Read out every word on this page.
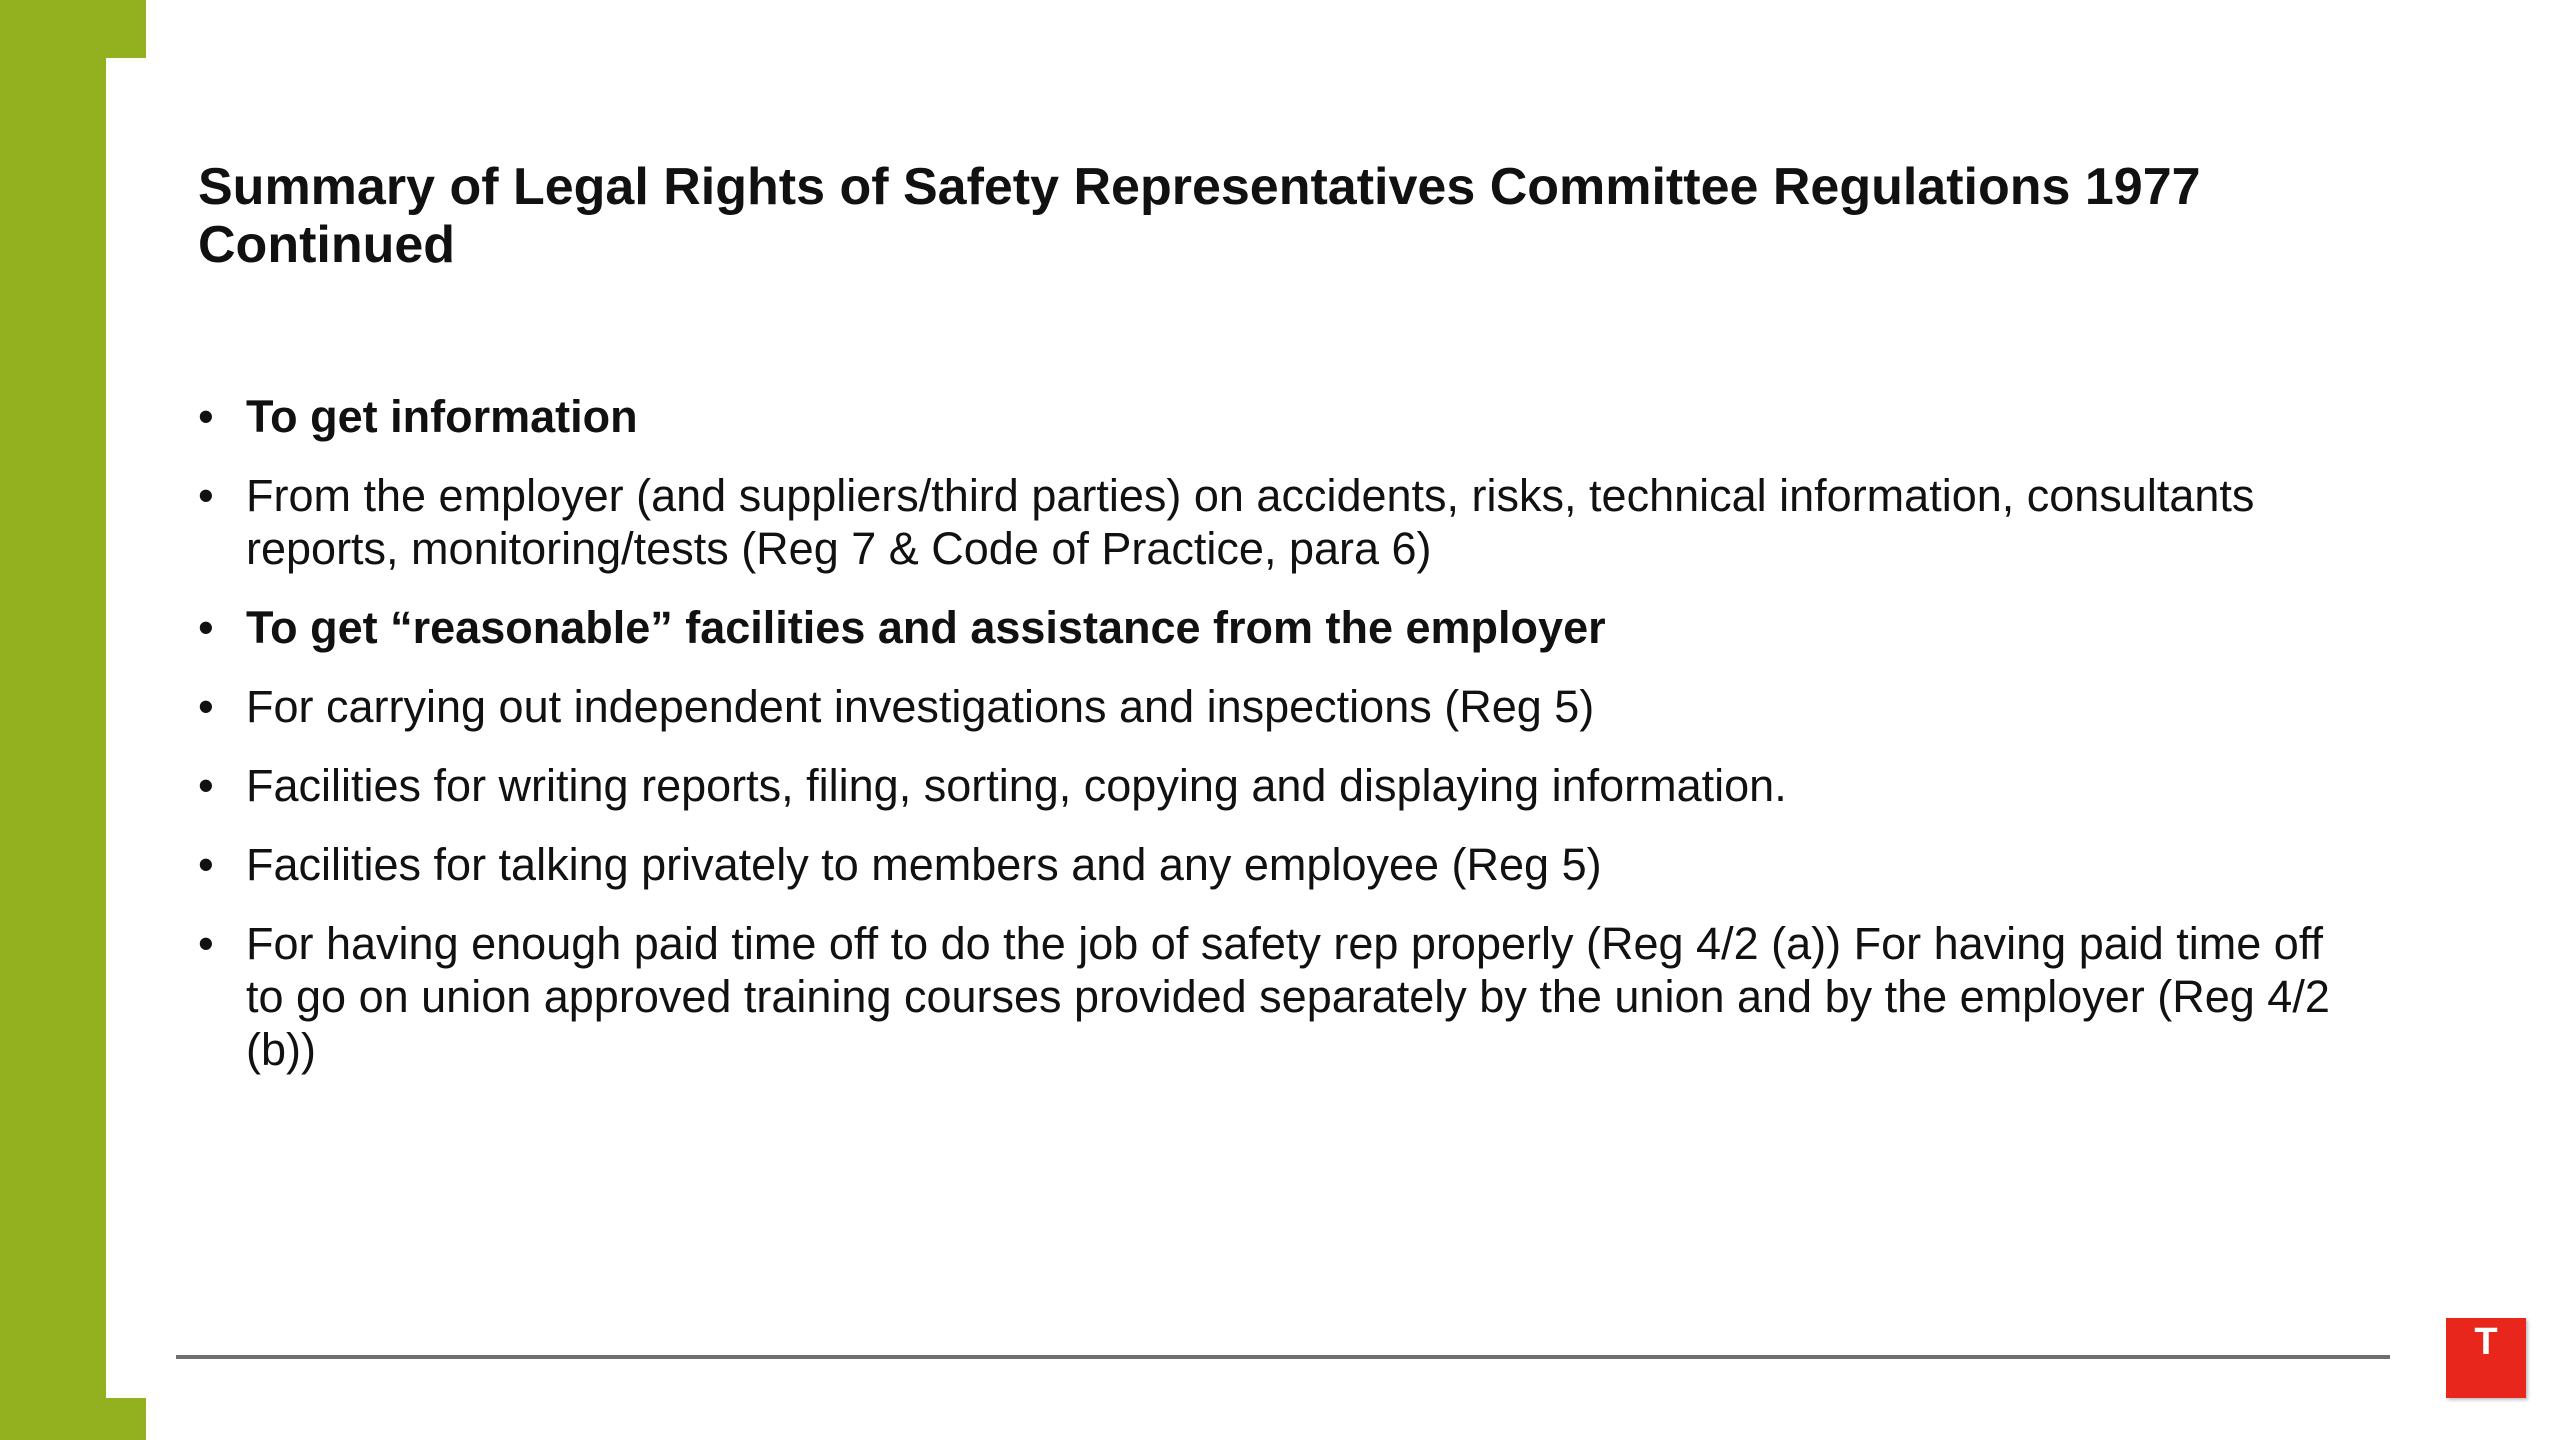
Summary of Legal Rights of Safety Representatives Committee Regulations 1977
Continued
• To get information
• From the employer (and suppliers/third parties) on accidents, risks, technical information, consultants reports, monitoring/tests (Reg 7 & Code of Practice, para 6)
• To get “reasonable” facilities and assistance from the employer
• For carrying out independent investigations and inspections (Reg 5)
• Facilities for writing reports, filing, sorting, copying and displaying information.
• Facilities for talking privately to members and any employee (Reg 5)
• For having enough paid time off to do the job of safety rep properly (Reg 4/2 (a)) For having paid time off to go on union approved training courses provided separately by the union and by the employer (Reg 4/2 (b))
T
